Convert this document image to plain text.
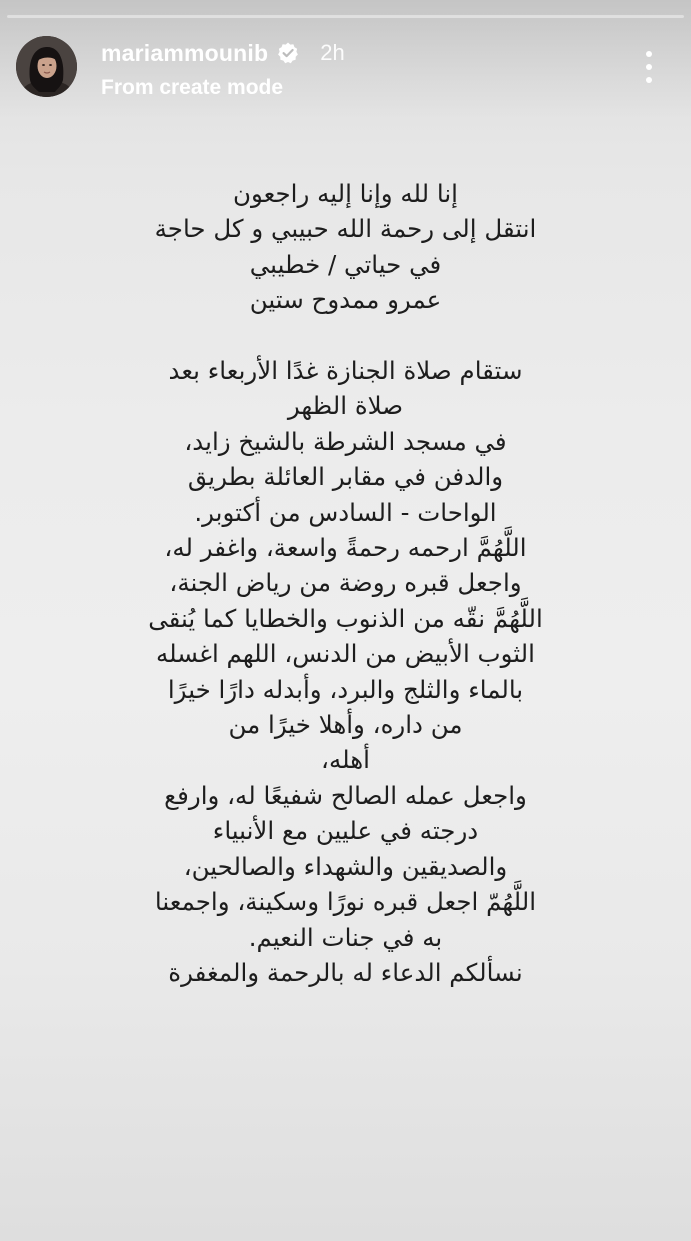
mariammounib 2h
From create mode
إنا لله وإنا إليه راجعون
انتقل إلى رحمة الله حبيبي و كل حاجة
في حياتي / خطيبي
عمرو ممدوح ستين
ستقام صلاة الجنازة غدًا الأربعاء بعد
صلاة الظهر
في مسجد الشرطة بالشيخ زايد،
والدفن في مقابر العائلة بطريق
الواحات - السادس من أكتوبر.
اللَّهُمَّ ارحمه رحمةً واسعة، واغفر له،
واجعل قبره روضة من رياض الجنة،
اللَّهُمَّ نقّه من الذنوب والخطايا كما يُنقى
الثوب الأبيض من الدنس، اللهم اغسله
بالماء والثلج والبرد، وأبدله دارًا خيرًا
من داره، وأهلا خيرًا من
أهله،
واجعل عمله الصالح شفيعًا له، وارفع
درجته في عليين مع الأنبياء
والصديقين والشهداء والصالحين،
اللَّهُمّ اجعل قبره نورًا وسكينة، واجمعنا
به في جنات النعيم.
نسألكم الدعاء له بالرحمة والمغفرة
